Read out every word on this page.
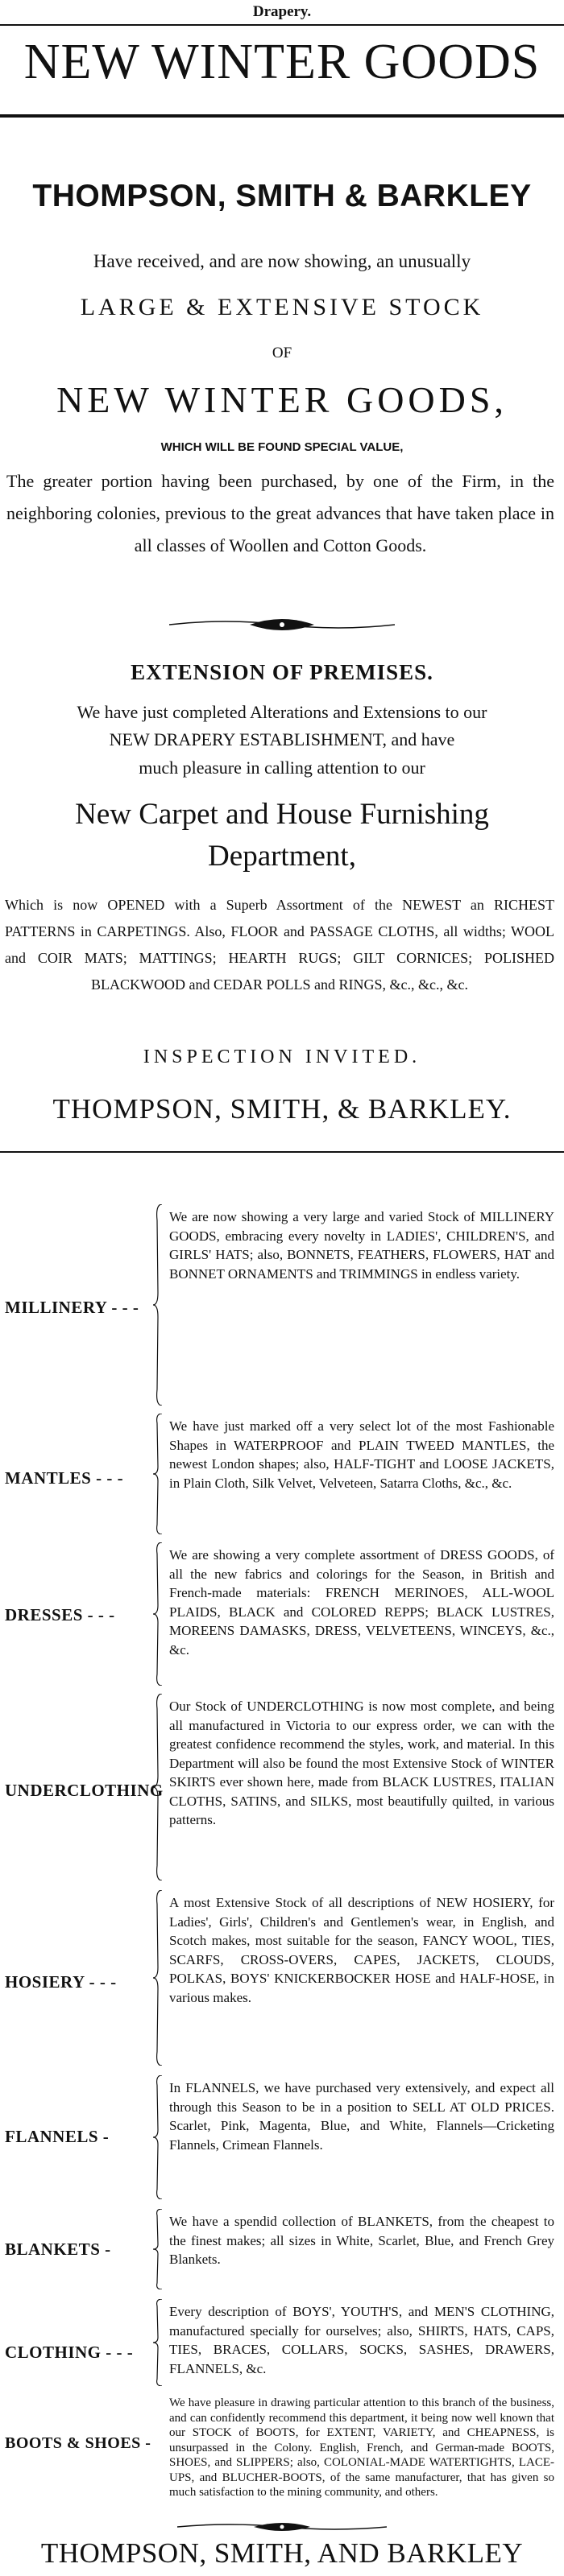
Drapery.
NEW WINTER GOODS
THOMPSON, SMITH & BARKLEY
Have received, and are now showing, an unusually
LARGE & EXTENSIVE STOCK
OF
NEW WINTER GOODS,
WHICH WILL BE FOUND SPECIAL VALUE,
The greater portion having been purchased, by one of the Firm, in the neighboring colonies, previous to the great advances that have taken place in all classes of Woollen and Cotton Goods.
EXTENSION OF PREMISES.
We have just completed Alterations and Extensions to our
NEW DRAPERY ESTABLISHMENT, and have
much pleasure in calling attention to our
New Carpet and House Furnishing
Department,
Which is now OPENED with a Superb Assortment of the NEWEST an RICHEST PATTERNS in CARPETINGS. Also, FLOOR and PASSAGE CLOTHS, all widths; WOOL and COIR MATS; MATTINGS; HEARTH RUGS; GILT CORNICES; POLISHED BLACKWOOD and CEDAR POLLS and RINGS, &c., &c., &c.
INSPECTION INVITED.
THOMPSON, SMITH, & BARKLEY.
MILLINERY - - -
We are now showing a very large and varied Stock of MILLINERY GOODS, embracing every novelty in LADIES', CHILDREN'S, and GIRLS' HATS; also, BONNETS, FEATHERS, FLOWERS, HAT and BONNET ORNAMENTS and TRIMMINGS in endless variety.
MANTLES - - -
We have just marked off a very select lot of the most Fashionable Shapes in WATERPROOF and PLAIN TWEED MANTLES, the newest London shapes; also, HALF-TIGHT and LOOSE JACKETS, in Plain Cloth, Silk Velvet, Velveteen, Satarra Cloths, &c., &c.
DRESSES - - -
We are showing a very complete assortment of DRESS GOODS, of all the new fabrics and colorings for the Season, in British and French-made materials: FRENCH MERINOES, ALL-WOOL PLAIDS, BLACK and COLORED REPPS; BLACK LUSTRES, MOREENS DAMASKS, DRESS, VELVETEENS, WINCEYS, &c., &c.
UNDERCLOTHING
Our Stock of UNDERCLOTHING is now most complete, and being all manufactured in Victoria to our express order, we can with the greatest confidence recommend the styles, work, and material. In this Department will also be found the most Extensive Stock of WINTER SKIRTS ever shown here, made from BLACK LUSTRES, ITALIAN CLOTHS, SATINS, and SILKS, most beautifully quilted, in various patterns.
HOSIERY - - -
A most Extensive Stock of all descriptions of NEW HOSIERY, for Ladies', Girls', Children's and Gentlemen's wear, in English, and Scotch makes, most suitable for the season, FANCY WOOL, TIES, SCARFS, CROSS-OVERS, CAPES, JACKETS, CLOUDS, POLKAS, BOYS' KNICKERBOCKER HOSE and HALF-HOSE, in various makes.
FLANNELS -
In FLANNELS, we have purchased very extensively, and expect all through this Season to be in a position to SELL AT OLD PRICES. Scarlet, Pink, Magenta, Blue, and White, Flannels—Cricketing Flannels, Crimean Flannels.
BLANKETS -
We have a spendid collection of BLANKETS, from the cheapest to the finest makes; all sizes in White, Scarlet, Blue, and French Grey Blankets.
CLOTHING - - -
Every description of BOYS', YOUTH'S, and MEN'S CLOTHING, manufactured specially for ourselves; also, SHIRTS, HATS, CAPS, TIES, BRACES, COLLARS, SOCKS, SASHES, DRAWERS, FLANNELS, &c.
BOOTS & SHOES -
We have pleasure in drawing particular attention to this branch of the business, and can confidently recommend this department, it being now well known that our STOCK of BOOTS, for EXTENT, VARIETY, and CHEAPNESS, is unsurpassed in the Colony. English, French, and German-made BOOTS, SHOES, and SLIPPERS; also, COLONIAL-MADE WATERTIGHTS, LACE-UPS, and BLUCHER-BOOTS, of the same manufacturer, that has given so much satisfaction to the mining community, and others.
THOMPSON, SMITH, AND BARKLEY
